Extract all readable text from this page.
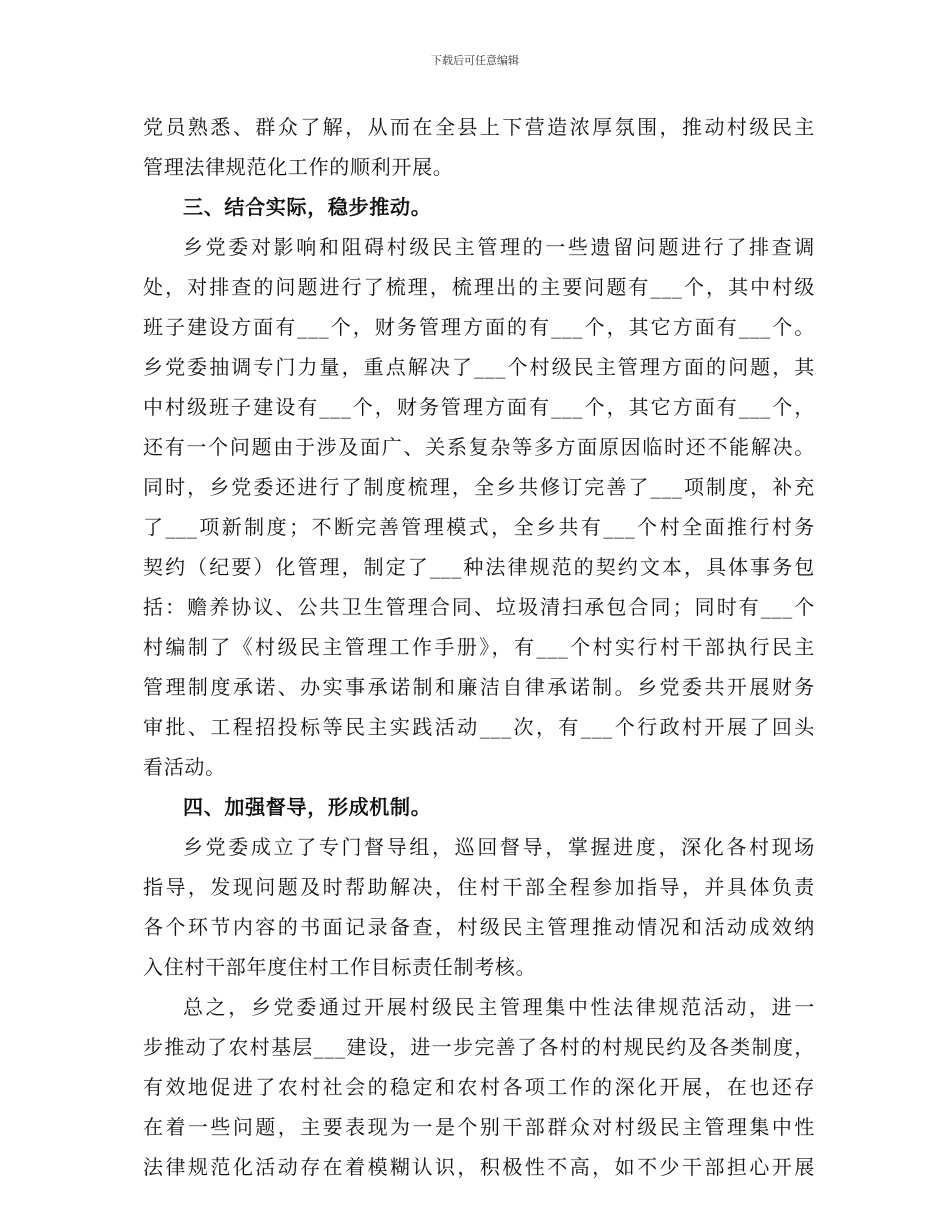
下载后可任意编辑
党员熟悉、群众了解，从而在全县上下营造浓厚氛围，推动村级民主
管理法律规范化工作的顺利开展。
三、结合实际，稳步推动。
乡党委对影响和阻碍村级民主管理的一些遗留问题进行了排查调
处，对排查的问题进行了梳理，梳理出的主要问题有___个，其中村级
班子建设方面有___个，财务管理方面的有___个，其它方面有___个。
乡党委抽调专门力量，重点解决了___个村级民主管理方面的问题，其
中村级班子建设有___个，财务管理方面有___个，其它方面有___个，
还有一个问题由于涉及面广、关系复杂等多方面原因临时还不能解决。
同时，乡党委还进行了制度梳理，全乡共修订完善了___项制度，补充
了___项新制度；不断完善管理模式，全乡共有___个村全面推行村务
契约（纪要）化管理，制定了___种法律规范的契约文本，具体事务包
括：赡养协议、公共卫生管理合同、垃圾清扫承包合同；同时有___个
村编制了《村级民主管理工作手册》，有___个村实行村干部执行民主
管理制度承诺、办实事承诺制和廉洁自律承诺制。乡党委共开展财务
审批、工程招投标等民主实践活动___次，有___个行政村开展了回头
看活动。
四、加强督导，形成机制。
乡党委成立了专门督导组，巡回督导，掌握进度，深化各村现场
指导，发现问题及时帮助解决，住村干部全程参加指导，并具体负责
各个环节内容的书面记录备查，村级民主管理推动情况和活动成效纳
入住村干部年度住村工作目标责任制考核。
总之，乡党委通过开展村级民主管理集中性法律规范活动，进一
步推动了农村基层___建设，进一步完善了各村的村规民约及各类制度，
有效地促进了农村社会的稳定和农村各项工作的深化开展，在也还存
在着一些问题，主要表现为一是个别干部群众对村级民主管理集中性
法律规范化活动存在着模糊认识，积极性不高，如不少干部担心开展
